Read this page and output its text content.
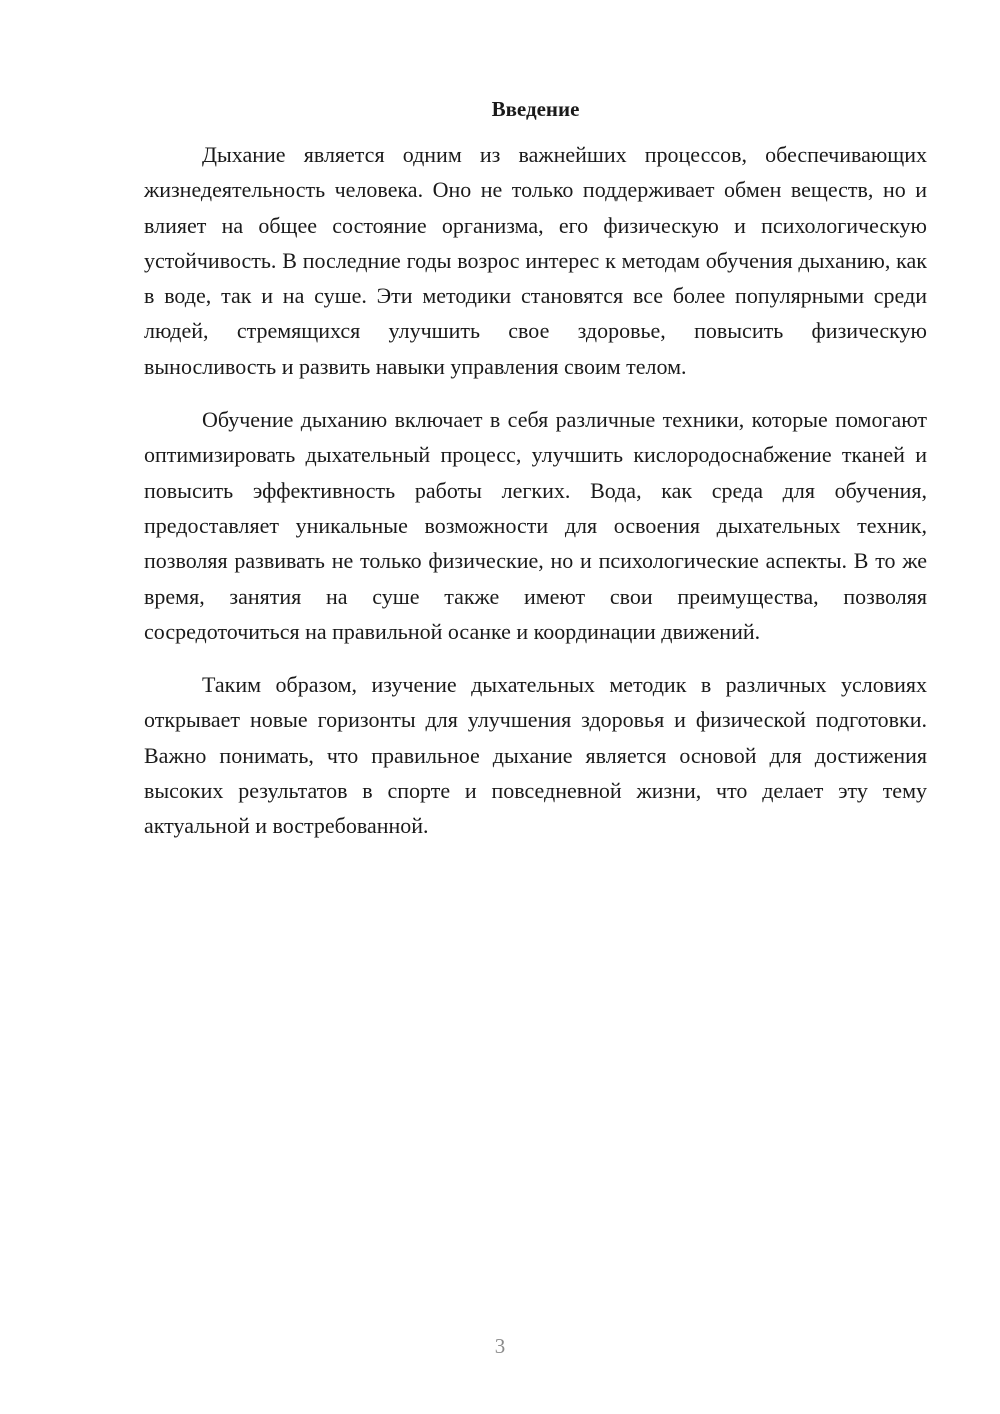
Введение

Дыхание является одним из важнейших процессов, обеспечивающих жизнедеятельность человека. Оно не только поддерживает обмен веществ, но и влияет на общее состояние организма, его физическую и психологическую устойчивость. В последние годы возрос интерес к методам обучения дыханию, как в воде, так и на суше. Эти методики становятся все более популярными среди людей, стремящихся улучшить свое здоровье, повысить физическую выносливость и развить навыки управления своим телом.

Обучение дыханию включает в себя различные техники, которые помогают оптимизировать дыхательный процесс, улучшить кислородоснабжение тканей и повысить эффективность работы легких. Вода, как среда для обучения, предоставляет уникальные возможности для освоения дыхательных техник, позволяя развивать не только физические, но и психологические аспекты. В то же время, занятия на суше также имеют свои преимущества, позволяя сосредоточиться на правильной осанке и координации движений.

Таким образом, изучение дыхательных методик в различных условиях открывает новые горизонты для улучшения здоровья и физической подготовки. Важно понимать, что правильное дыхание является основой для достижения высоких результатов в спорте и повседневной жизни, что делает эту тему актуальной и востребованной.

3
